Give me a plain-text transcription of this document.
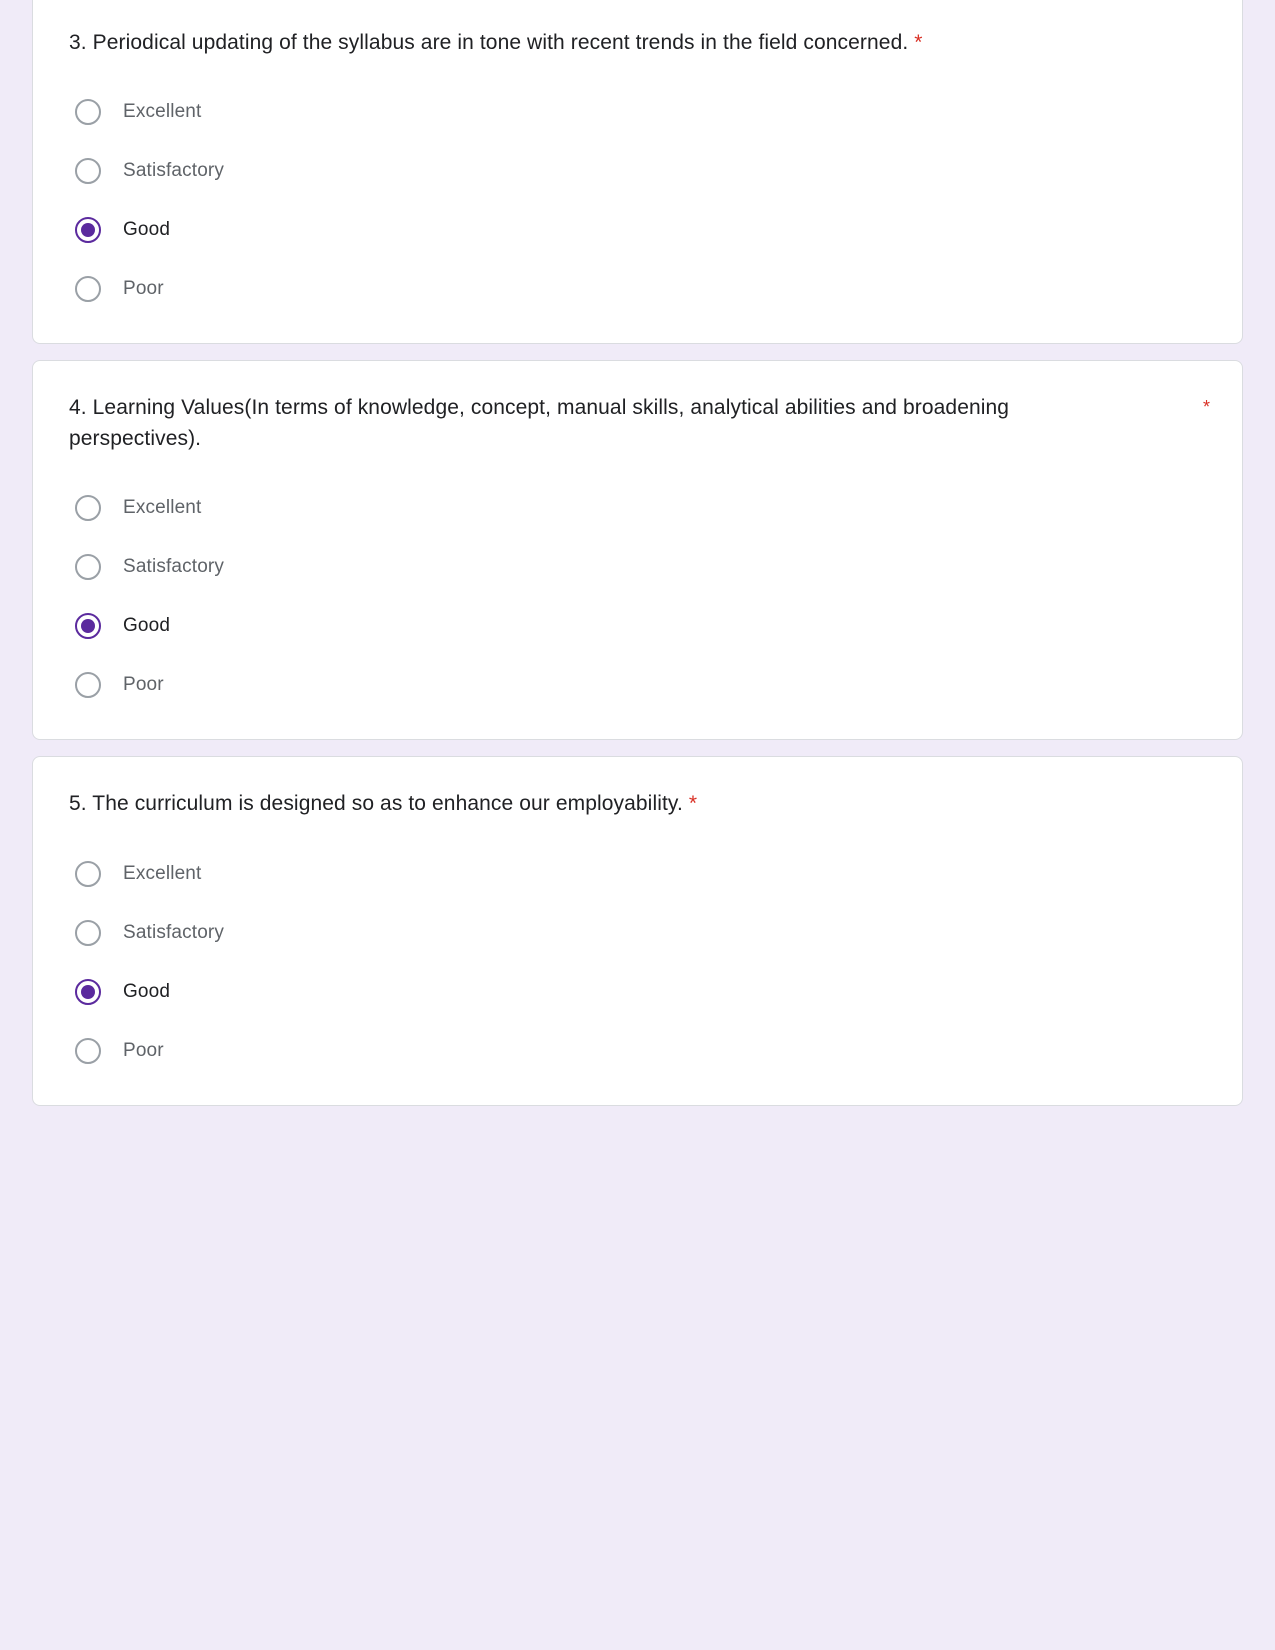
3. Periodical updating of the syllabus are in tone with recent trends in the field concerned. *
Excellent
Satisfactory
Good
Poor
4. Learning Values(In terms of knowledge, concept, manual skills, analytical abilities and broadening perspectives).
*
Excellent
Satisfactory
Good
Poor
5. The curriculum is designed so as to enhance our employability. *
Excellent
Satisfactory
Good
Poor
